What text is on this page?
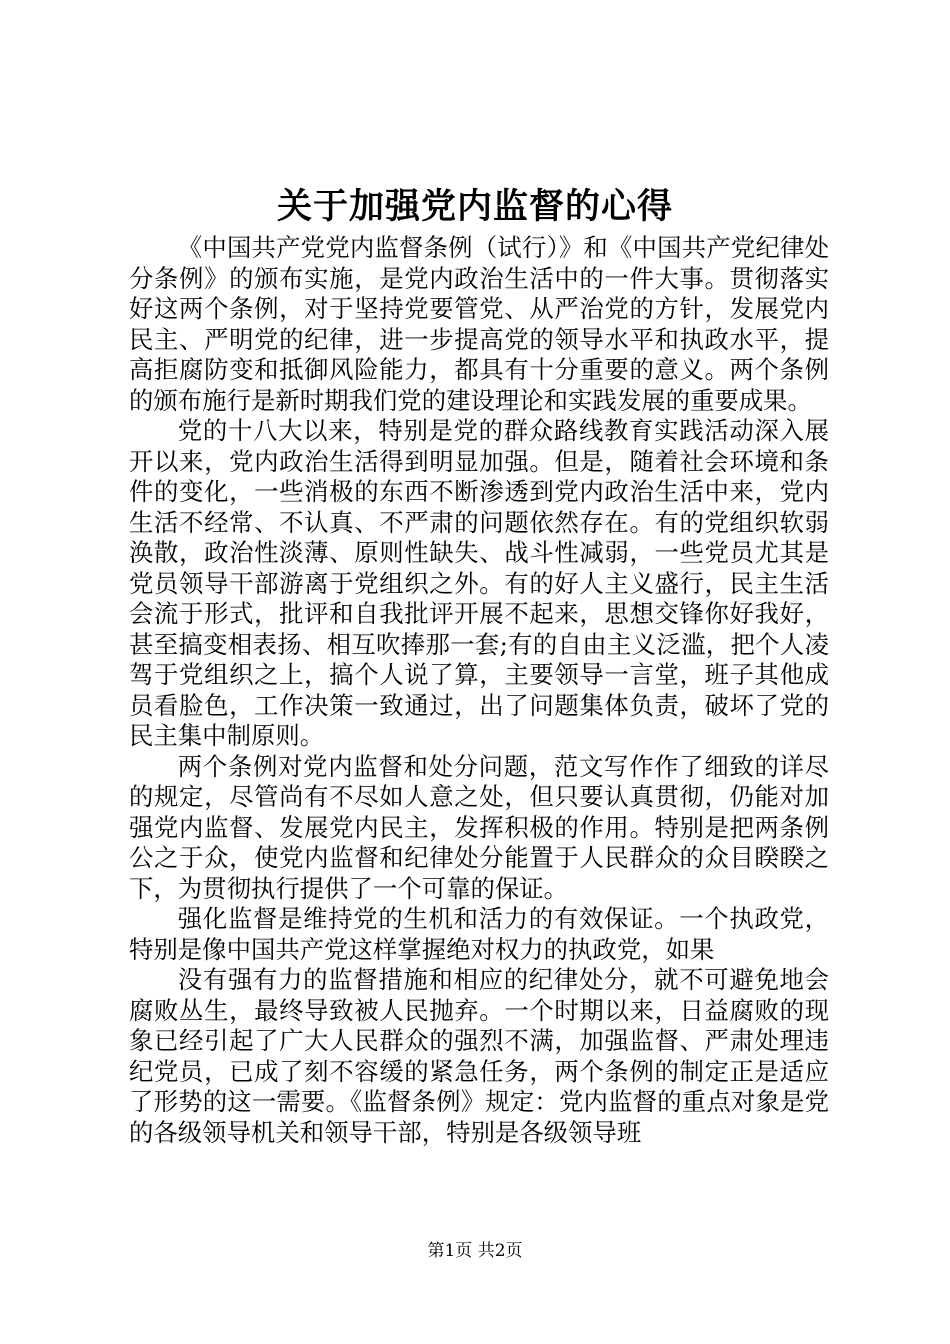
关于加强党内监督的心得

《中国共产党党内监督条例（试行）》和《中国共产党纪律处分条例》的颁布实施，是党内政治生活中的一件大事。贯彻落实好这两个条例，对于坚持党要管党、从严治党的方针，发展党内民主、严明党的纪律，进一步提高党的领导水平和执政水平，提高拒腐防变和抵御风险能力，都具有十分重要的意义。两个条例的颁布施行是新时期我们党的建设理论和实践发展的重要成果。

党的十八大以来，特别是党的群众路线教育实践活动深入展开以来，党内政治生活得到明显加强。但是，随着社会环境和条件的变化，一些消极的东西不断渗透到党内政治生活中来，党内生活不经常、不认真、不严肃的问题依然存在。有的党组织软弱涣散，政治性淡薄、原则性缺失、战斗性减弱，一些党员尤其是党员领导干部游离于党组织之外。有的好人主义盛行，民主生活会流于形式，批评和自我批评开展不起来，思想交锋你好我好，甚至搞变相表扬、相互吹捧那一套;有的自由主义泛滥，把个人凌驾于党组织之上，搞个人说了算，主要领导一言堂，班子其他成员看脸色，工作决策一致通过，出了问题集体负责，破坏了党的民主集中制原则。

两个条例对党内监督和处分问题，范文写作作了细致的详尽的规定，尽管尚有不尽如人意之处，但只要认真贯彻，仍能对加强党内监督、发展党内民主，发挥积极的作用。特别是把两条例公之于众，使党内监督和纪律处分能置于人民群众的众目睽睽之下，为贯彻执行提供了一个可靠的保证。

强化监督是维持党的生机和活力的有效保证。一个执政党，特别是像中国共产党这样掌握绝对权力的执政党，如果

没有强有力的监督措施和相应的纪律处分，就不可避免地会腐败丛生，最终导致被人民抛弃。一个时期以来，日益腐败的现象已经引起了广大人民群众的强烈不满，加强监督、严肃处理违纪党员，已成了刻不容缓的紧急任务，两个条例的制定正是适应了形势的这一需要。《监督条例》规定：党内监督的重点对象是党的各级领导机关和领导干部，特别是各级领导班

第1页 共2页
